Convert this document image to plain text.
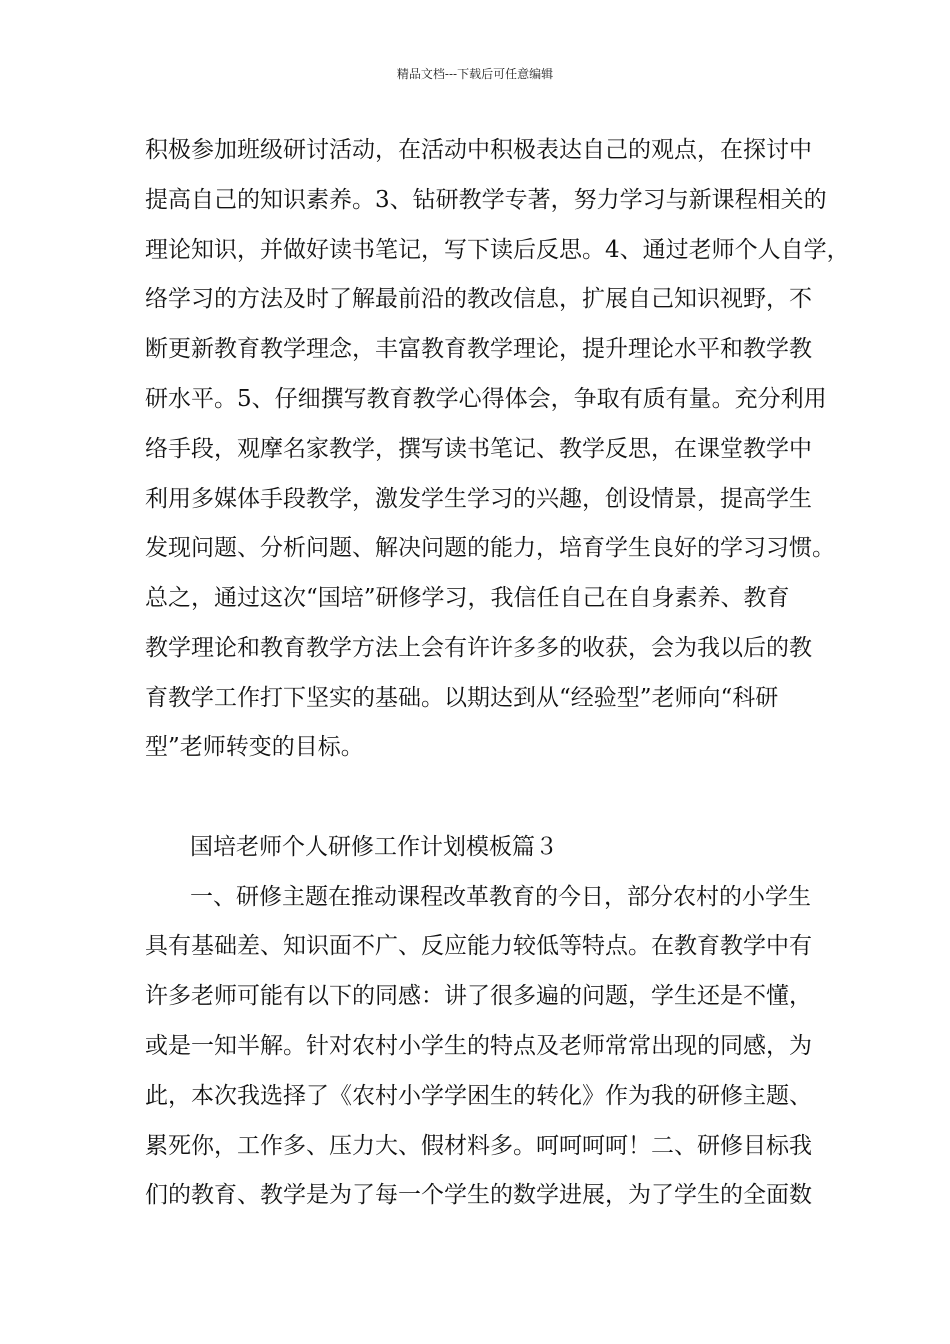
精品文档---下载后可任意编辑
积极参加班级研讨活动，在活动中积极表达自己的观点，在探讨中
提高自己的知识素养。3、钻研教学专著，努力学习与新课程相关的
理论知识，并做好读书笔记，写下读后反思。4、通过老师个人自学，
络学习的方法及时了解最前沿的教改信息，扩展自己知识视野，不
断更新教育教学理念，丰富教育教学理论，提升理论水平和教学教
研水平。5、仔细撰写教育教学心得体会，争取有质有量。充分利用
络手段，观摩名家教学，撰写读书笔记、教学反思，在课堂教学中
利用多媒体手段教学，激发学生学习的兴趣，创设情景，提高学生
发现问题、分析问题、解决问题的能力，培育学生良好的学习习惯。
总之，通过这次“国培”研修学习，我信任自己在自身素养、教育
教学理论和教育教学方法上会有许许多多的收获，会为我以后的教
育教学工作打下坚实的基础。以期达到从“经验型”老师向“科研
型”老师转变的目标。
国培老师个人研修工作计划模板篇３
一、研修主题在推动课程改革教育的今日，部分农村的小学生
具有基础差、知识面不广、反应能力较低等特点。在教育教学中有
许多老师可能有以下的同感：讲了很多遍的问题，学生还是不懂，
或是一知半解。针对农村小学生的特点及老师常常出现的同感，为
此，本次我选择了《农村小学学困生的转化》作为我的研修主题、
累死你，工作多、压力大、假材料多。呵呵呵呵！二、研修目标我
们的教育、教学是为了每一个学生的数学进展，为了学生的全面数
